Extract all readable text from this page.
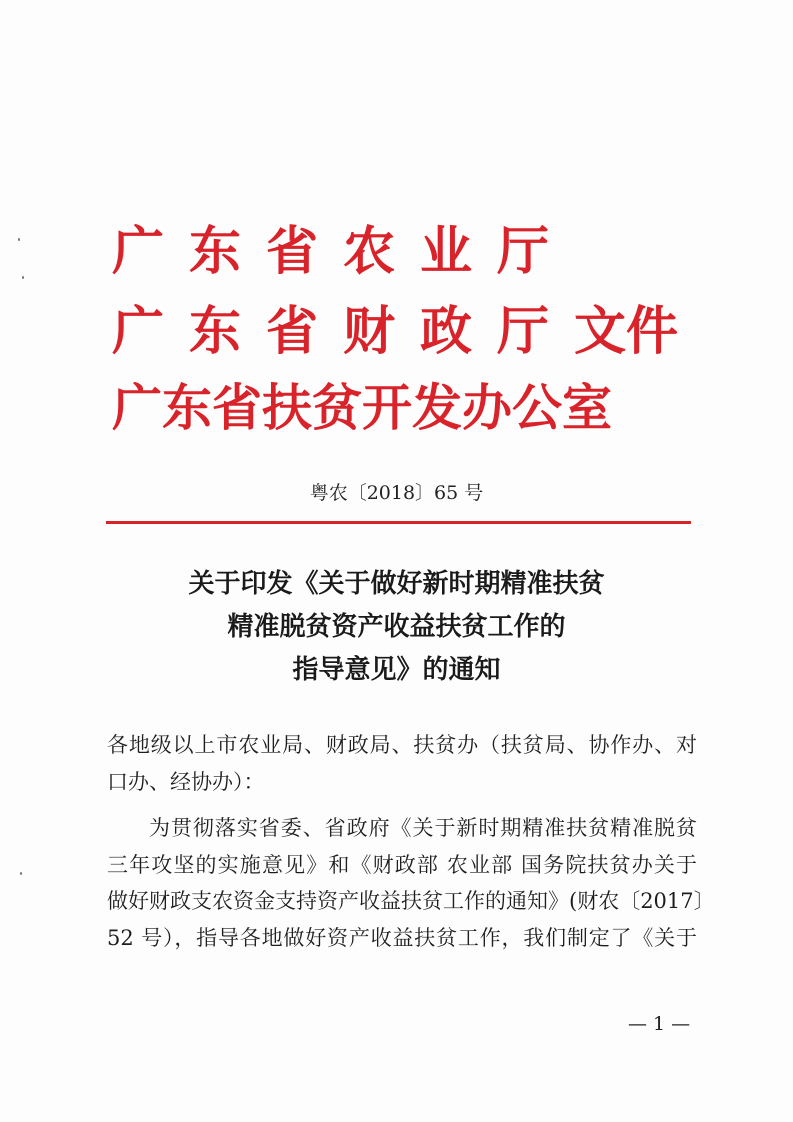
广东省农业厅
广东省财政厅文件
广东省扶贫开发办公室
粤农〔2018〕65 号
关于印发《关于做好新时期精准扶贫
精准脱贫资产收益扶贫工作的
指导意见》的通知
各地级以上市农业局、财政局、扶贫办（扶贫局、协作办、对
口办、经协办）：
为贯彻落实省委、省政府《关于新时期精准扶贫精准脱贫
三年攻坚的实施意见》和《财政部 农业部 国务院扶贫办关于
做好财政支农资金支持资产收益扶贫工作的通知》(财农〔2017〕
52 号），指导各地做好资产收益扶贫工作，我们制定了《关于
— 1 —
